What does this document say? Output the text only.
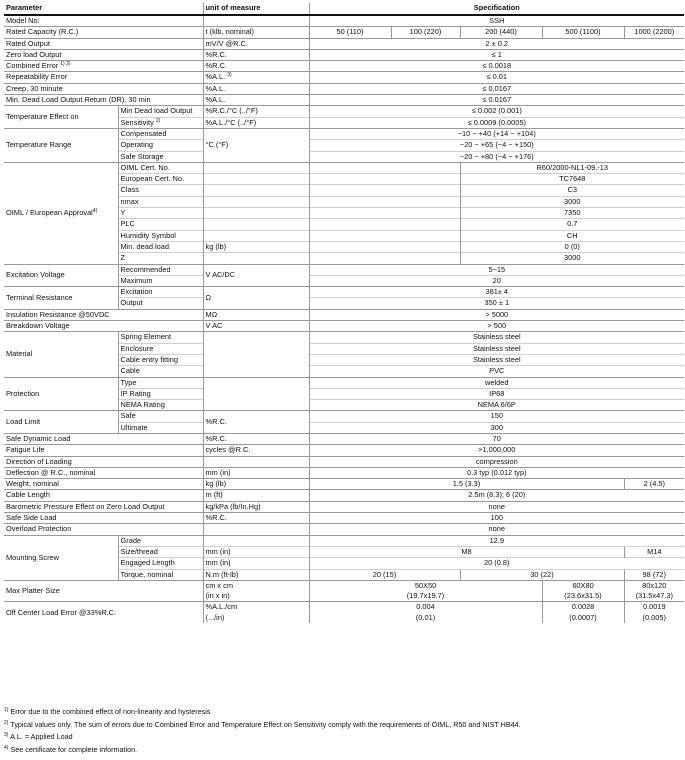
Parameter		unit of measure	Specification				
Model No:			SSH				
Rated Capacity (R.C.)		t (klb, nominal)	50 (110)	100 (220)	200 (440)	500 (1100)	1000 (2200)
Rated Output		mV/V @R.C.	2 ± 0.2				
Zero load Output		%R.C.	≤ 1				
Combined Error $^{1) 2)}$		%R.C.	≤ 0.0018				
Repeatability Error		%A.L. $^{3)}$	≤ 0.01				
Creep, 30 minute		%A.L.	≤ 0.0167				
Min. Dead Load Output Return (DR), 30 min		%A.L.	≤ 0.0167				
Temperature Effect on	Min Dead load Output	%R.C./°C (../°F)	≤ 0.002 (0.001)				
	Sensitivity $^{2)}$	%A.L./°C (../°F)	≤ 0.0009 (0.0005)				
Temperature Range	Compensated	°C (°F)	−10 ~ +40 (+14 ~ +104)				
	Operating		−20 ~ +65 (−4 ~ +150)				
	Safe Storage		−20 ~ +80 (−4 ~ +176)				
OIML / European Approval$^{4)}$	OIML Cert. No.				R60/2000-NL1-09.-13		
	European Cert. No.				TC7648		
	Class				C3		
	nmax				3000		
	Y				7350		
	PLC				0.7		
	Humidity Symbol				CH		
	Min. dead load	kg (lb)			0 (0)		
	Z				3000		
Excitation Voltage	Recommended	V AC/DC	5~15				
	Maximum		20				
Terminal Resistance	Excitation	Ω	381± 4				
	Output		350 ± 1				
Insulation Resistance @50VDC		MΩ	> 5000				
Breakdown Voltage		V AC	> 500				
Material	Spring Element		Stainless steel				
	Enclosure		Stainless steel				
	Cable entry fitting		Stainless steel				
	Cable		PVC				
Protection	Type		welded				
	IP Rating		IP68				
	NEMA Rating		NEMA 6/6P				
Load Limit	Safe	%R.C.	150				
	Ultimate		300				
Safe Dynamic Load		%R.C.	70				
Fatigue Life		cycles @R.C.	>1,000,000				
Direction of Loading			compression				
Deflection @ R.C., nominal		mm (in)	0.3 typ (0.012 typ)				
Weight, nominal		kg (lb)	1.5 (3.3)				2 (4.5)
Cable Length		m (ft)	2.5m (8.3); 6 (20)				
Barometric Pressure Effect on Zero Load Output		kg/kPa (lb/In.Hg)	none				
Safe Side Load		%R.C.	100				
Overload Protection			none				
Mounting Screw	Grade		12.9				
	Size/thread	mm (in)	M8				M14
	Engaged Length	mm (in)	20 (0.8)				
	Torque, nominal	N.m (ft-lb)	20 (15)		30 (22)		98 (72)
Max Platter Size		cm x cm	50X50			60X80	80x120
		(in x in)	(19.7x19.7)			(23.6x31.5)	(31.5x47.3)
Off Center Load Error @33%R.C.		%A.L./cm	0.004			0.0028	0.0019
		(.../in)	(0.01)			(0.0007)	(0.005)
$^{1)}$ Error due to the combined effect of non-linearity and hysteresis
$^{2)}$ Typical values only. The sum of errors due to Combined Error and Temperature Effect on Sensitivity comply with the requirements of OIML, R50 and NIST HB44.
$^{3)}$ A.L. = Applied Load
$^{4)}$ See certificate for complete information.
